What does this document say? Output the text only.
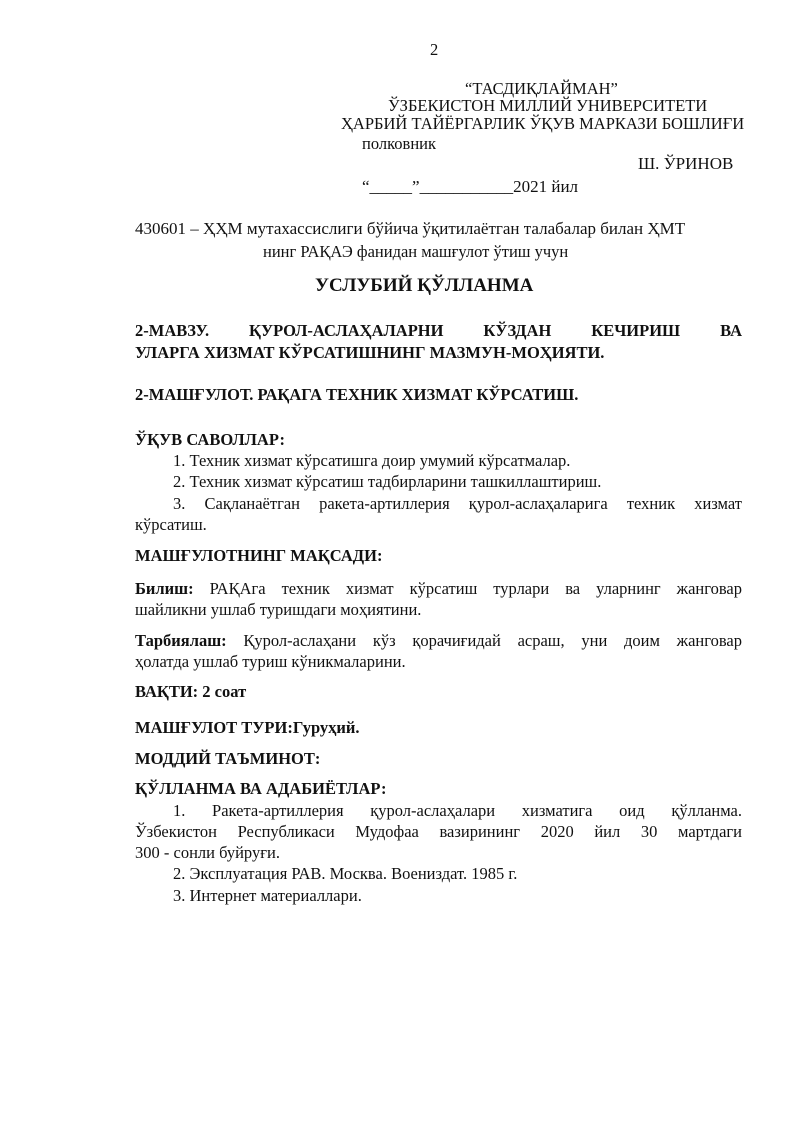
2
“ТАСДИҚЛАЙМАН”
ЎЗБЕКИСТОН МИЛЛИЙ УНИВЕРСИТЕТИ
ҲАРБИЙ ТАЙЁРГАРЛИК ЎҚУВ МАРКАЗИ БОШЛИҒИ
полковник
Ш. ЎРИНОВ
“_____”___________2021 йил
430601 – ҲҲМ мутахассислиги бўйича ўқитилаётган талабалар билан ҲМТ
нинг РАҚАЭ фанидан машғулот ўтиш учун
УСЛУБИЙ ҚЎЛЛАНМА
2-МАВЗУ. ҚУРОЛ-АСЛАҲАЛАРНИ КЎЗДАН КЕЧИРИШ ВА
УЛАРГА ХИЗМАТ КЎРСАТИШНИНГ МАЗМУН-МОҲИЯТИ.
2-МАШҒУЛОТ. РАҚАГА ТЕХНИК ХИЗМАТ КЎРСАТИШ.
ЎҚУВ САВОЛЛАР:
1. Техник хизмат кўрсатишга доир умумий кўрсатмалар.
2. Техник хизмат кўрсатиш тадбирларини ташкиллаштириш.
3. Сақланаётган ракета-артиллерия қурол-аслаҳаларига техник хизмат
кўрсатиш.
МАШҒУЛОТНИНГ МАҚСАДИ:
Билиш: РАҚАга техник хизмат кўрсатиш турлари ва уларнинг жанговар
шайликни ушлаб туришдаги моҳиятини.
Тарбиялаш: Қурол-аслаҳани кўз қорачиғидай асраш, уни доим жанговар
ҳолатда ушлаб туриш кўникмаларини.
ВАҚТИ: 2 соат
МАШҒУЛОТ ТУРИ:Гуруҳий.
МОДДИЙ ТАЪМИНОТ:
ҚЎЛЛАНМА ВА АДАБИЁТЛАР:
1. Ракета-артиллерия қурол-аслаҳалари хизматига оид қўлланма.
Ўзбекистон Республикаси Мудофаа вазирининг 2020 йил 30 мартдаги
300 - сонли буйруғи.
2. Эксплуатация РАВ. Москва. Воениздат. 1985 г.
3. Интернет материаллари.
